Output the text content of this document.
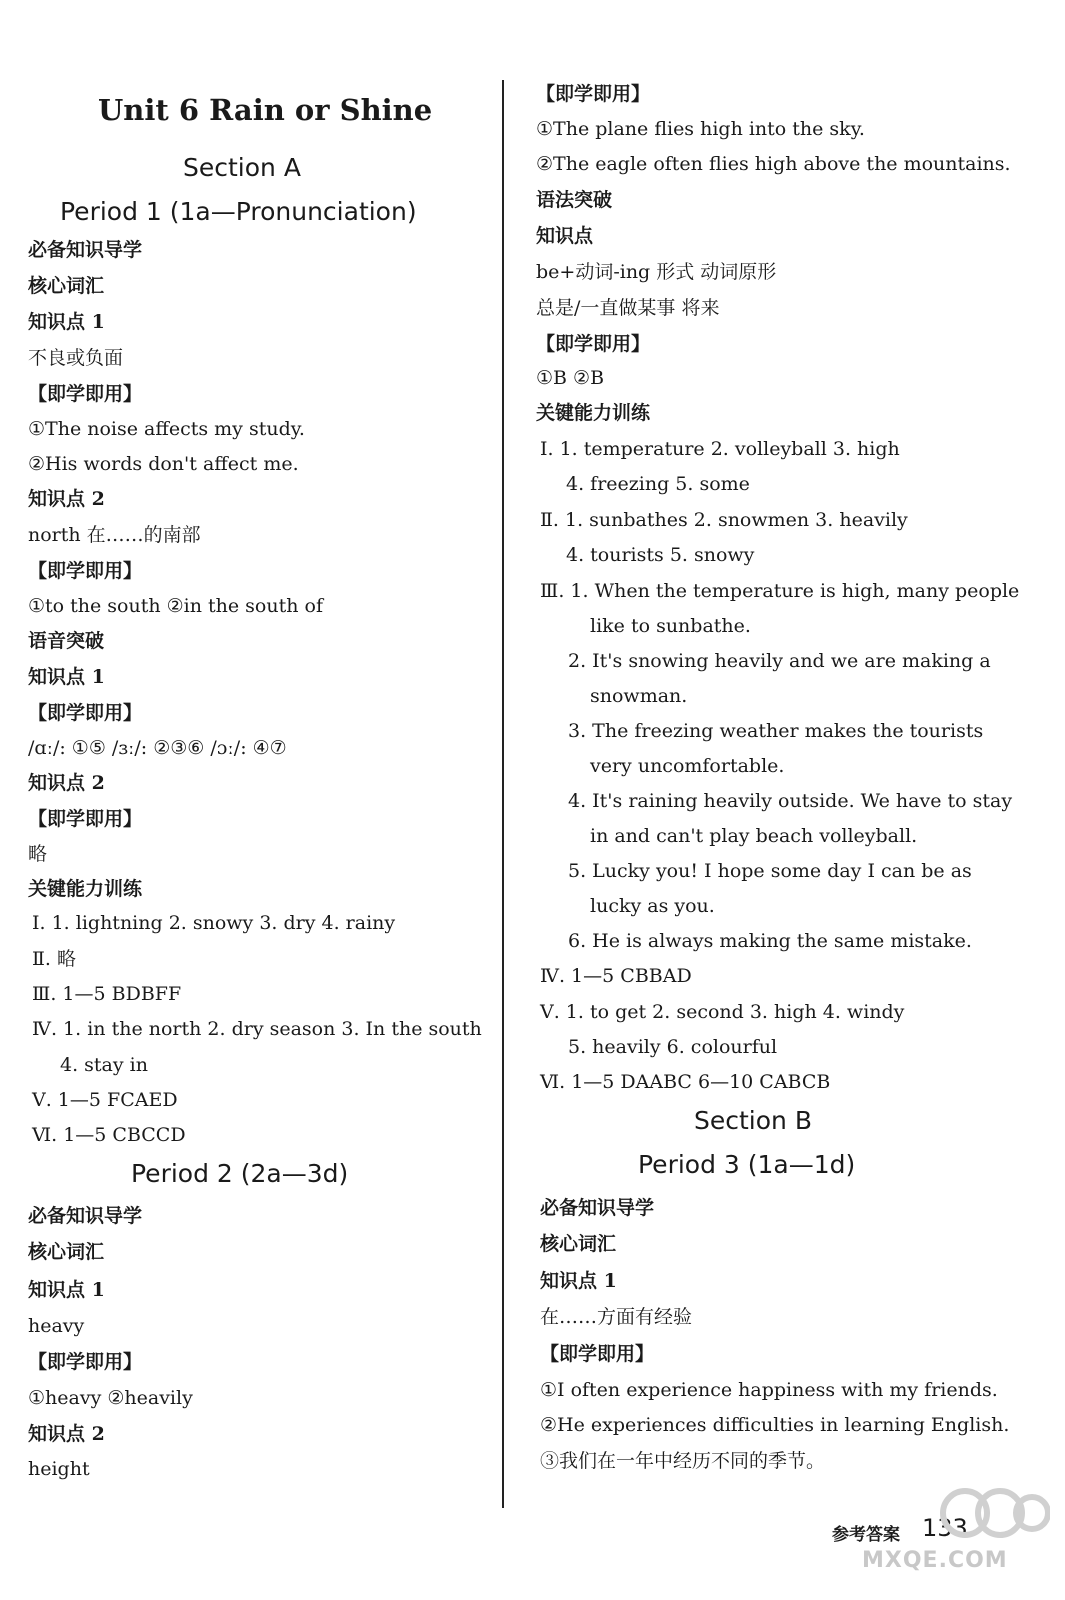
Unit 6 Rain or Shine
Section A
Period 1 (1a—Pronunciation)
必备知识导学
核心词汇
知识点 1
不良或负面
【即学即用】
①The noise affects my study.
②His words don't affect me.
知识点 2
north 在……的南部
【即学即用】
①to the south ②in the south of
语音突破
知识点 1
【即学即用】
/ɑː/: ①⑤ /ɜː/: ②③⑥ /ɔː/: ④⑦
知识点 2
【即学即用】
略
关键能力训练
Ⅰ. 1. lightning 2. snowy 3. dry 4. rainy
Ⅱ. 略
Ⅲ. 1—5 BDBFF
Ⅳ. 1. in the north 2. dry season 3. In the south
4. stay in
Ⅴ. 1—5 FCAED
Ⅵ. 1—5 CBCCD
Period 2 (2a—3d)
必备知识导学
核心词汇
知识点 1
heavy
【即学即用】
①heavy ②heavily
知识点 2
height
【即学即用】
①The plane flies high into the sky.
②The eagle often flies high above the mountains.
语法突破
知识点
be+动词-ing 形式 动词原形
总是/一直做某事 将来
【即学即用】
①B ②B
关键能力训练
Ⅰ. 1. temperature 2. volleyball 3. high
4. freezing 5. some
Ⅱ. 1. sunbathes 2. snowmen 3. heavily
4. tourists 5. snowy
Ⅲ. 1. When the temperature is high, many people
like to sunbathe.
2. It's snowing heavily and we are making a
snowman.
3. The freezing weather makes the tourists
very uncomfortable.
4. It's raining heavily outside. We have to stay
in and can't play beach volleyball.
5. Lucky you! I hope some day I can be as
lucky as you.
6. He is always making the same mistake.
Ⅳ. 1—5 CBBAD
Ⅴ. 1. to get 2. second 3. high 4. windy
5. heavily 6. colourful
Ⅵ. 1—5 DAABC 6—10 CABCB
Section B
Period 3 (1a—1d)
必备知识导学
核心词汇
知识点 1
在……方面有经验
【即学即用】
①I often experience happiness with my friends.
②He experiences difficulties in learning English.
③我们在一年中经历不同的季节。
参考答案 133
MXQE.COM
